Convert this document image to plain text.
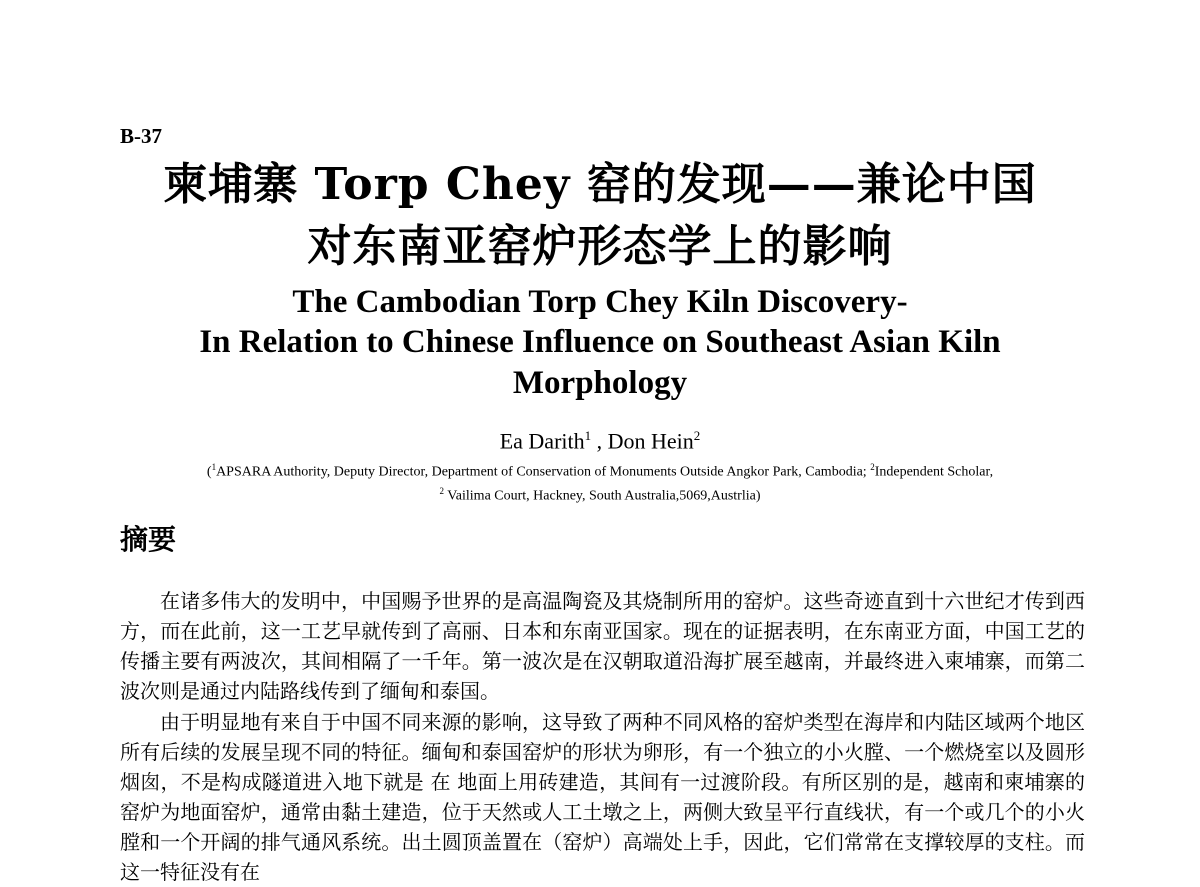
B-37
柬埔寨 Torp Chey 窑的发现——兼论中国
对东南亚窑炉形态学上的影响
The Cambodian Torp Chey Kiln Discovery-
In Relation to Chinese Influence on Southeast Asian Kiln
Morphology
Ea Darith$^1$ , Don Hein$^2$
($^1$APSARA Authority, Deputy Director, Department of Conservation of Monuments Outside Angkor Park, Cambodia; $^2$Independent Scholar,
$^2$ Vailima Court, Hackney, South Australia,5069,Austrlia)
摘要

在诸多伟大的发明中，中国赐予世界的是高温陶瓷及其烧制所用的窑炉。这些奇迹直到十六世纪才传到西方，而在此前，这一工艺早就传到了高丽、日本和东南亚国家。现在的证据表明，在东南亚方面，中国工艺的传播主要有两波次，其间相隔了一千年。第一波次是在汉朝取道沿海扩展至越南，并最终进入柬埔寨，而第二波次则是通过内陆路线传到了缅甸和泰国。

由于明显地有来自于中国不同来源的影响，这导致了两种不同风格的窑炉类型在海岸和内陆区域两个地区所有后续的发展呈现不同的特征。缅甸和泰国窑炉的形状为卵形，有一个独立的小火膛、一个燃烧室以及圆形烟囱，不是构成隧道进入地下就是 在 地面上用砖建造，其间有一过渡阶段。有所区别的是，越南和柬埔寨的窑炉为地面窑炉，通常由黏土建造，位于天然或人工土墩之上，两侧大致呈平行直线状，有一个或几个的小火膛和一个开阔的排气通风系统。出土圆顶盖置在（窑炉）高端处上手，因此，它们常常在支撑较厚的支柱。而这一特征没有在
